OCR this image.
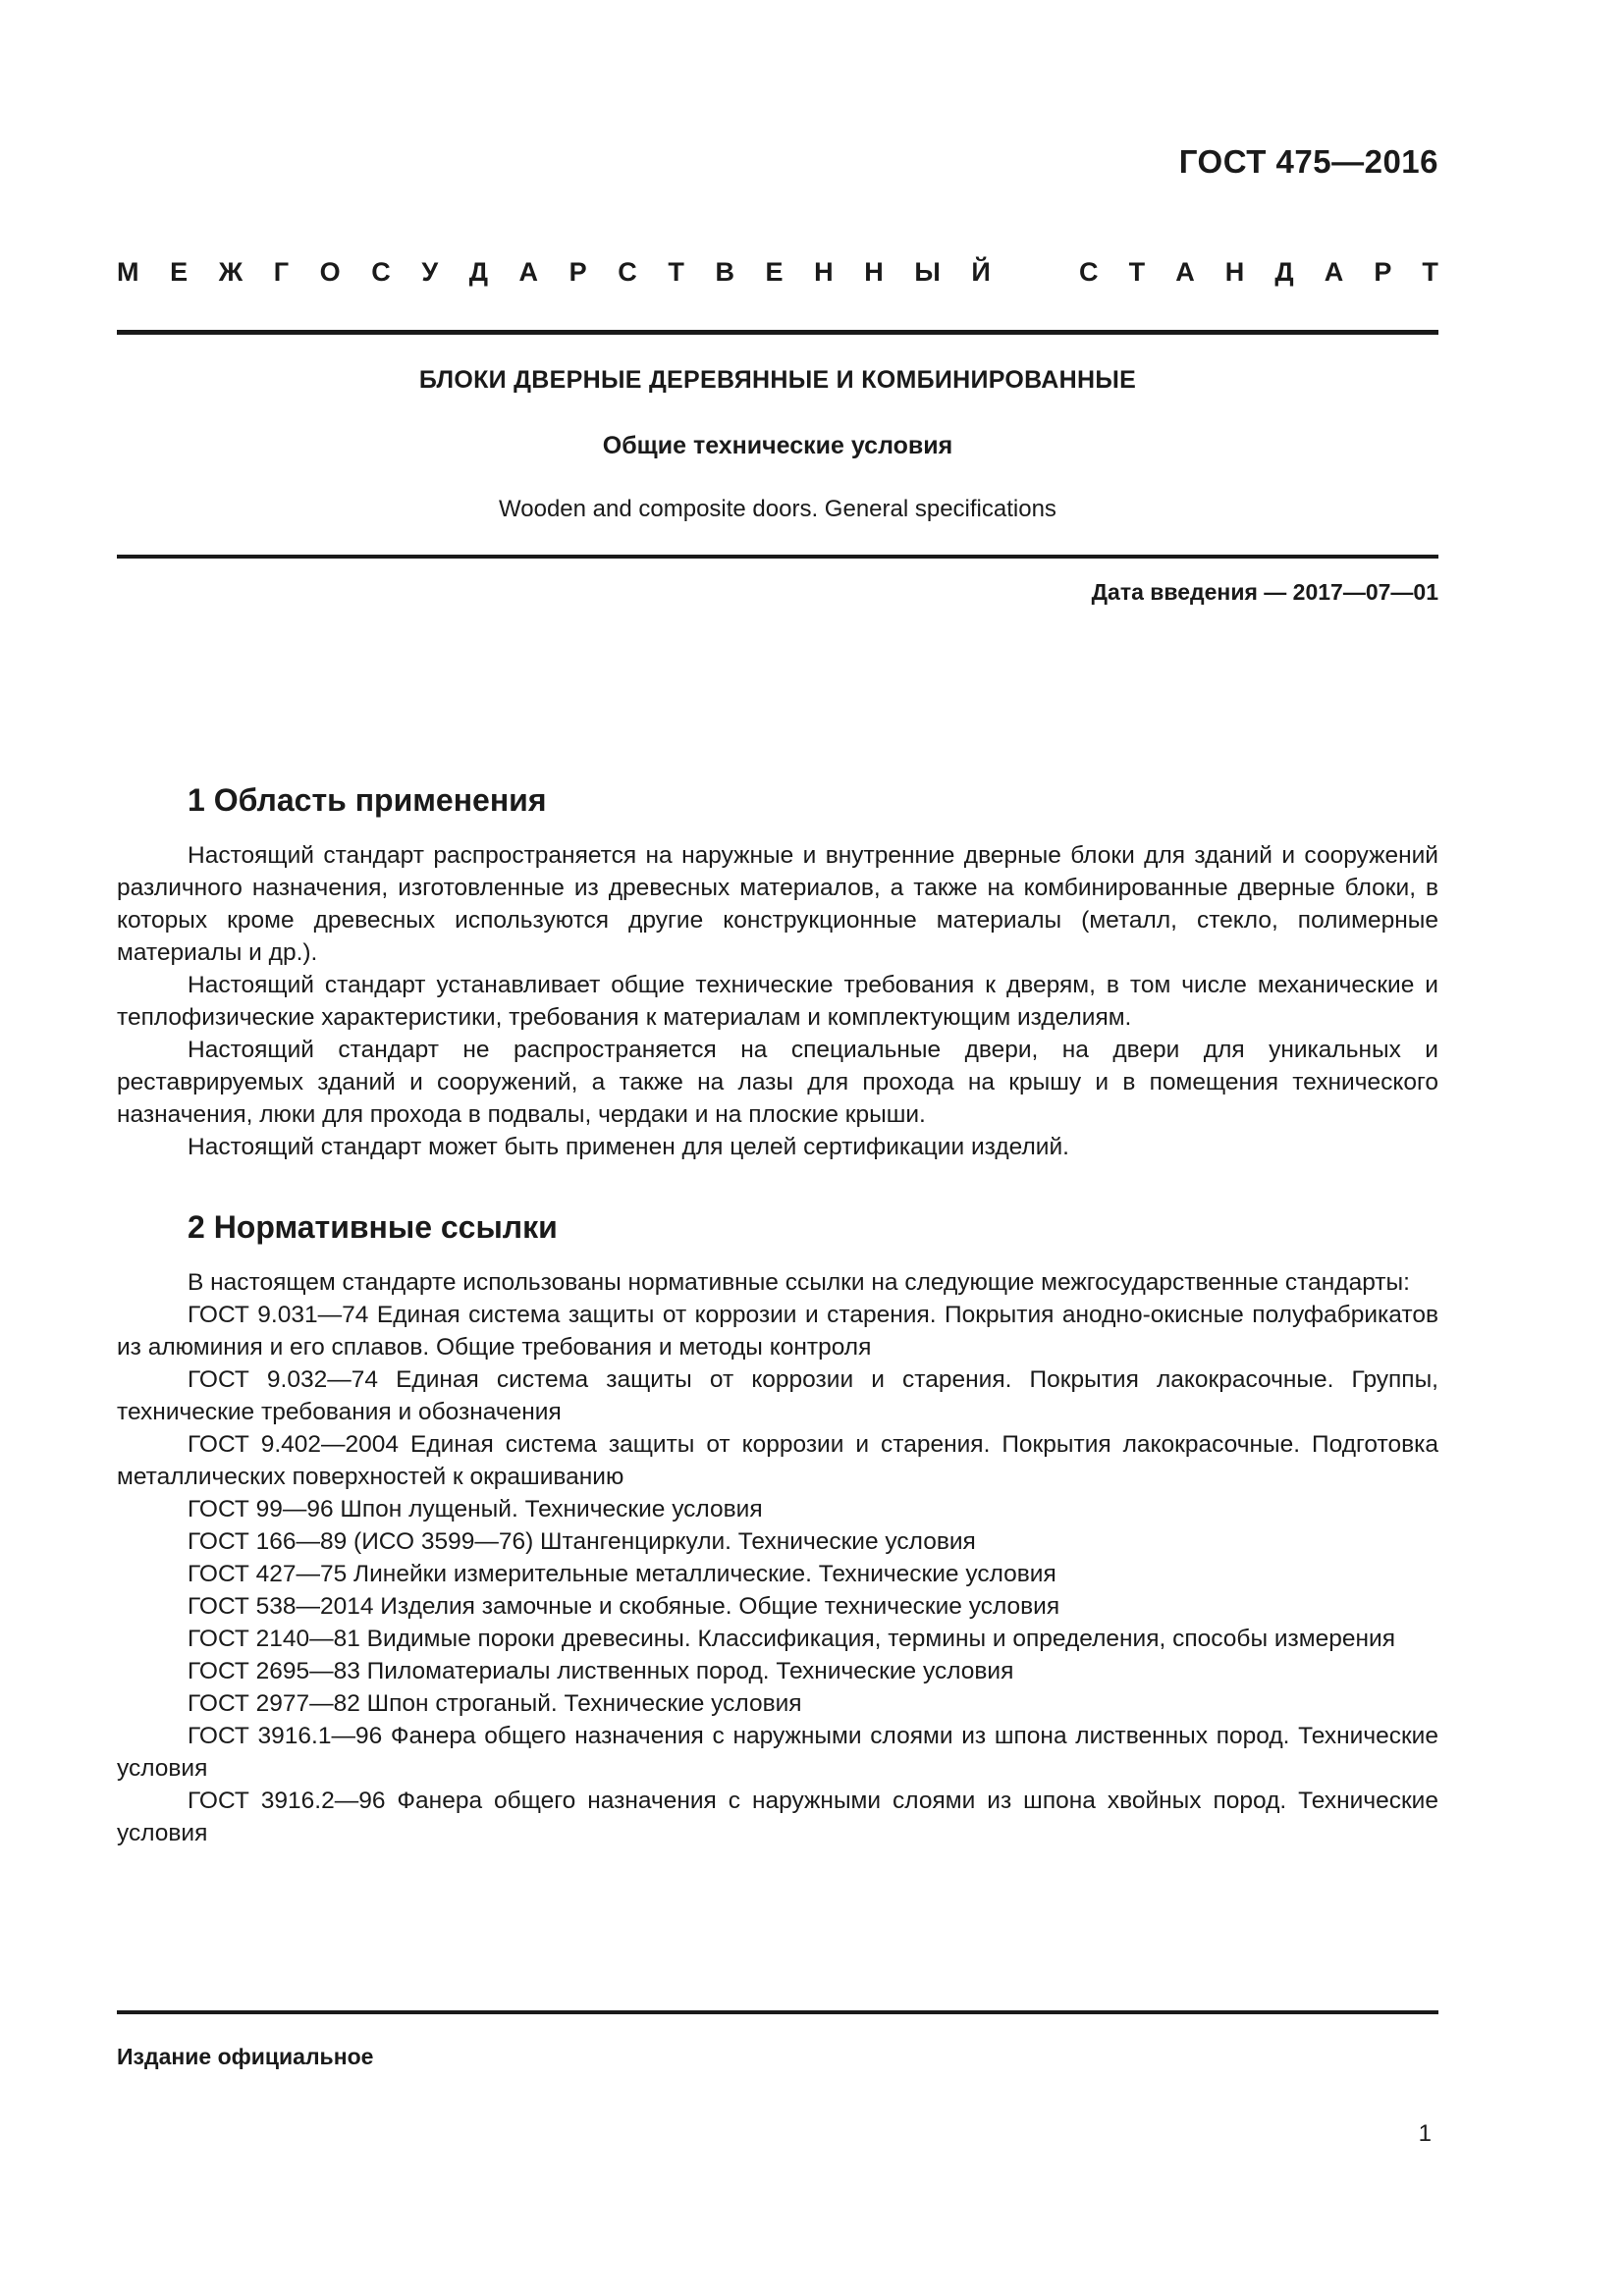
ГОСТ 475—2016
М Е Ж Г О С У Д А Р С Т В Е Н Н Ы Й	С Т А Н Д А Р Т
БЛОКИ ДВЕРНЫЕ ДЕРЕВЯННЫЕ И КОМБИНИРОВАННЫЕ
Общие технические условия
Wooden and composite doors. General specifications
Дата введения — 2017—07—01
1 Область применения

Настоящий стандарт распространяется на наружные и внутренние дверные блоки для зданий и сооружений различного назначения, изготовленные из древесных материалов, а также на комбинированные дверные блоки, в которых кроме древесных используются другие конструкционные материалы (металл, стекло, полимерные материалы и др.).

Настоящий стандарт устанавливает общие технические требования к дверям, в том числе механические и теплофизические характеристики, требования к материалам и комплектующим изделиям.

Настоящий стандарт не распространяется на специальные двери, на двери для уникальных и реставрируемых зданий и сооружений, а также на лазы для прохода на крышу и в помещения технического назначения, люки для прохода в подвалы, чердаки и на плоские крыши.

Настоящий стандарт может быть применен для целей сертификации изделий.

2 Нормативные ссылки

В настоящем стандарте использованы нормативные ссылки на следующие межгосударственные стандарты:

ГОСТ 9.031—74 Единая система защиты от коррозии и старения. Покрытия анодно-окисные полуфабрикатов из алюминия и его сплавов. Общие требования и методы контроля

ГОСТ 9.032—74 Единая система защиты от коррозии и старения. Покрытия лакокрасочные. Группы, технические требования и обозначения

ГОСТ 9.402—2004 Единая система защиты от коррозии и старения. Покрытия лакокрасочные. Подготовка металлических поверхностей к окрашиванию

ГОСТ 99—96 Шпон лущеный. Технические условия

ГОСТ 166—89 (ИСО 3599—76) Штангенциркули. Технические условия

ГОСТ 427—75 Линейки измерительные металлические. Технические условия

ГОСТ 538—2014 Изделия замочные и скобяные. Общие технические условия

ГОСТ 2140—81 Видимые пороки древесины. Классификация, термины и определения, способы измерения

ГОСТ 2695—83 Пиломатериалы лиственных пород. Технические условия

ГОСТ 2977—82 Шпон строганый. Технические условия

ГОСТ 3916.1—96 Фанера общего назначения с наружными слоями из шпона лиственных пород. Технические условия

ГОСТ 3916.2—96 Фанера общего назначения с наружными слоями из шпона хвойных пород. Технические условия

Издание официальное
1
